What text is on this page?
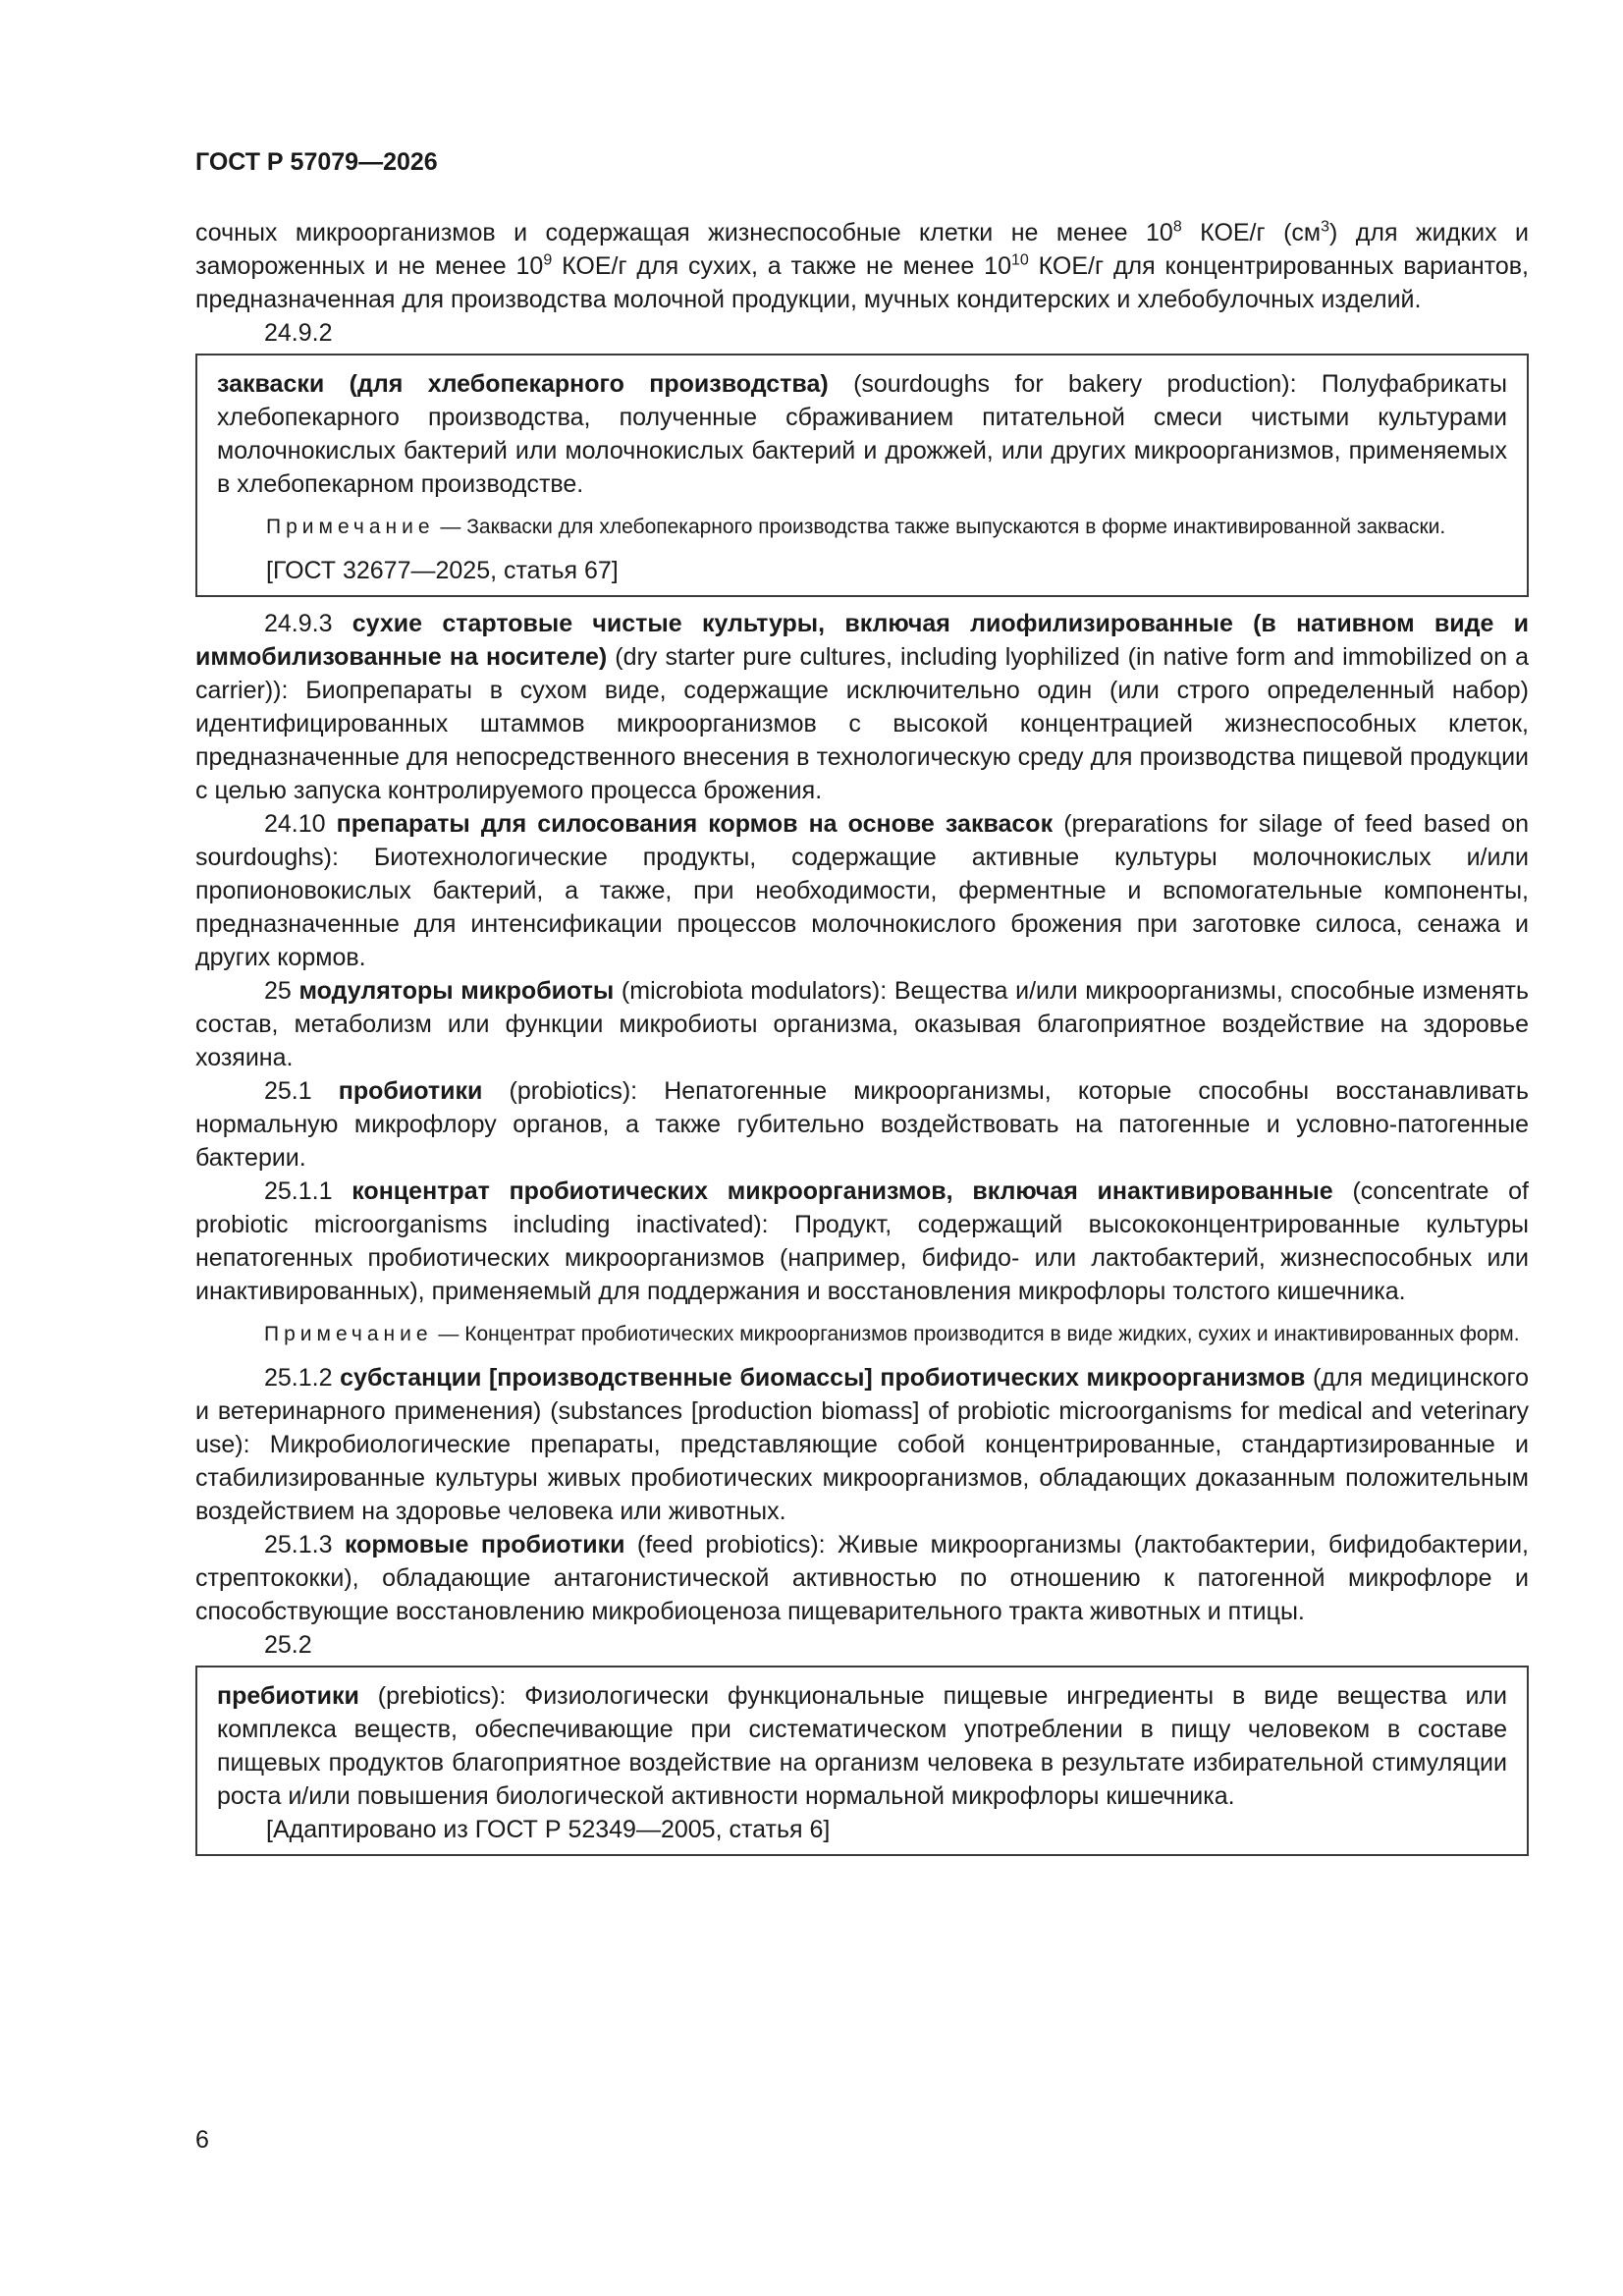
ГОСТ Р 57079—2026

сочных микроорганизмов и содержащая жизнеспособные клетки не менее $10^8$ КОЕ/г $(см^3)$ для жидких и замороженных и не менее $10^9$ КОЕ/г для сухих, а также не менее $10^{10}$ КОЕ/г для концентрированных вариантов, предназначенная для производства молочной продукции, мучных кондитерских и хлебобулочных изделий.

24.9.2

закваски (для хлебопекарного производства) (sourdoughs for bakery production): Полуфабрикаты хлебопекарного производства, полученные сбраживанием питательной смеси чистыми культурами молочнокислых бактерий или молочнокислых бактерий и дрожжей, или других микроорганизмов, применяемых в хлебопекарном производстве.

Примечание — Закваски для хлебопекарного производства также выпускаются в форме инактивированной закваски.
[ГОСТ 32677—2025, статья 67]

24.9.3 сухие стартовые чистые культуры, включая лиофилизированные (в нативном виде и иммобилизованные на носителе) (dry starter pure cultures, including lyophilized (in native form and immobilized on a carrier)): Биопрепараты в сухом виде, содержащие исключительно один (или строго определенный набор) идентифицированных штаммов микроорганизмов с высокой концентрацией жизнеспособных клеток, предназначенные для непосредственного внесения в технологическую среду для производства пищевой продукции с целью запуска контролируемого процесса брожения.

24.10 препараты для силосования кормов на основе заквасок (preparations for silage of feed based on sourdoughs): Биотехнологические продукты, содержащие активные культуры молочнокислых и/или пропионовокислых бактерий, а также, при необходимости, ферментные и вспомогательные компоненты, предназначенные для интенсификации процессов молочнокислого брожения при заготовке силоса, сенажа и других кормов.

25 модуляторы микробиоты (microbiota modulators): Вещества и/или микроорганизмы, способные изменять состав, метаболизм или функции микробиоты организма, оказывая благоприятное воздействие на здоровье хозяина.

25.1 пробиотики (probiotics): Непатогенные микроорганизмы, которые способны восстанавливать нормальную микрофлору органов, а также губительно воздействовать на патогенные и условно-патогенные бактерии.

25.1.1 концентрат пробиотических микроорганизмов, включая инактивированные (concentrate of probiotic microorganisms including inactivated): Продукт, содержащий высококонцентрированные культуры непатогенных пробиотических микроорганизмов (например, бифидо- или лактобактерий, жизнеспособных или инактивированных), применяемый для поддержания и восстановления микрофлоры толстого кишечника.

Примечание — Концентрат пробиотических микроорганизмов производится в виде жидких, сухих и инактивированных форм.

25.1.2 субстанции [производственные биомассы] пробиотических микроорганизмов (для медицинского и ветеринарного применения) (substances [production biomass] of probiotic microorganisms for medical and veterinary use): Микробиологические препараты, представляющие собой концентрированные, стандартизированные и стабилизированные культуры живых пробиотических микроорганизмов, обладающих доказанным положительным воздействием на здоровье человека или животных.

25.1.3 кормовые пробиотики (feed probiotics): Живые микроорганизмы (лактобактерии, бифидобактерии, стрептококки), обладающие антагонистической активностью по отношению к патогенной микрофлоре и способствующие восстановлению микробиоценоза пищеварительного тракта животных и птицы.

25.2

пребиотики (prebiotics): Физиологически функциональные пищевые ингредиенты в виде вещества или комплекса веществ, обеспечивающие при систематическом употреблении в пищу человеком в составе пищевых продуктов благоприятное воздействие на организм человека в результате избирательной стимуляции роста и/или повышения биологической активности нормальной микрофлоры кишечника.

[Адаптировано из ГОСТ Р 52349—2005, статья 6]
6
